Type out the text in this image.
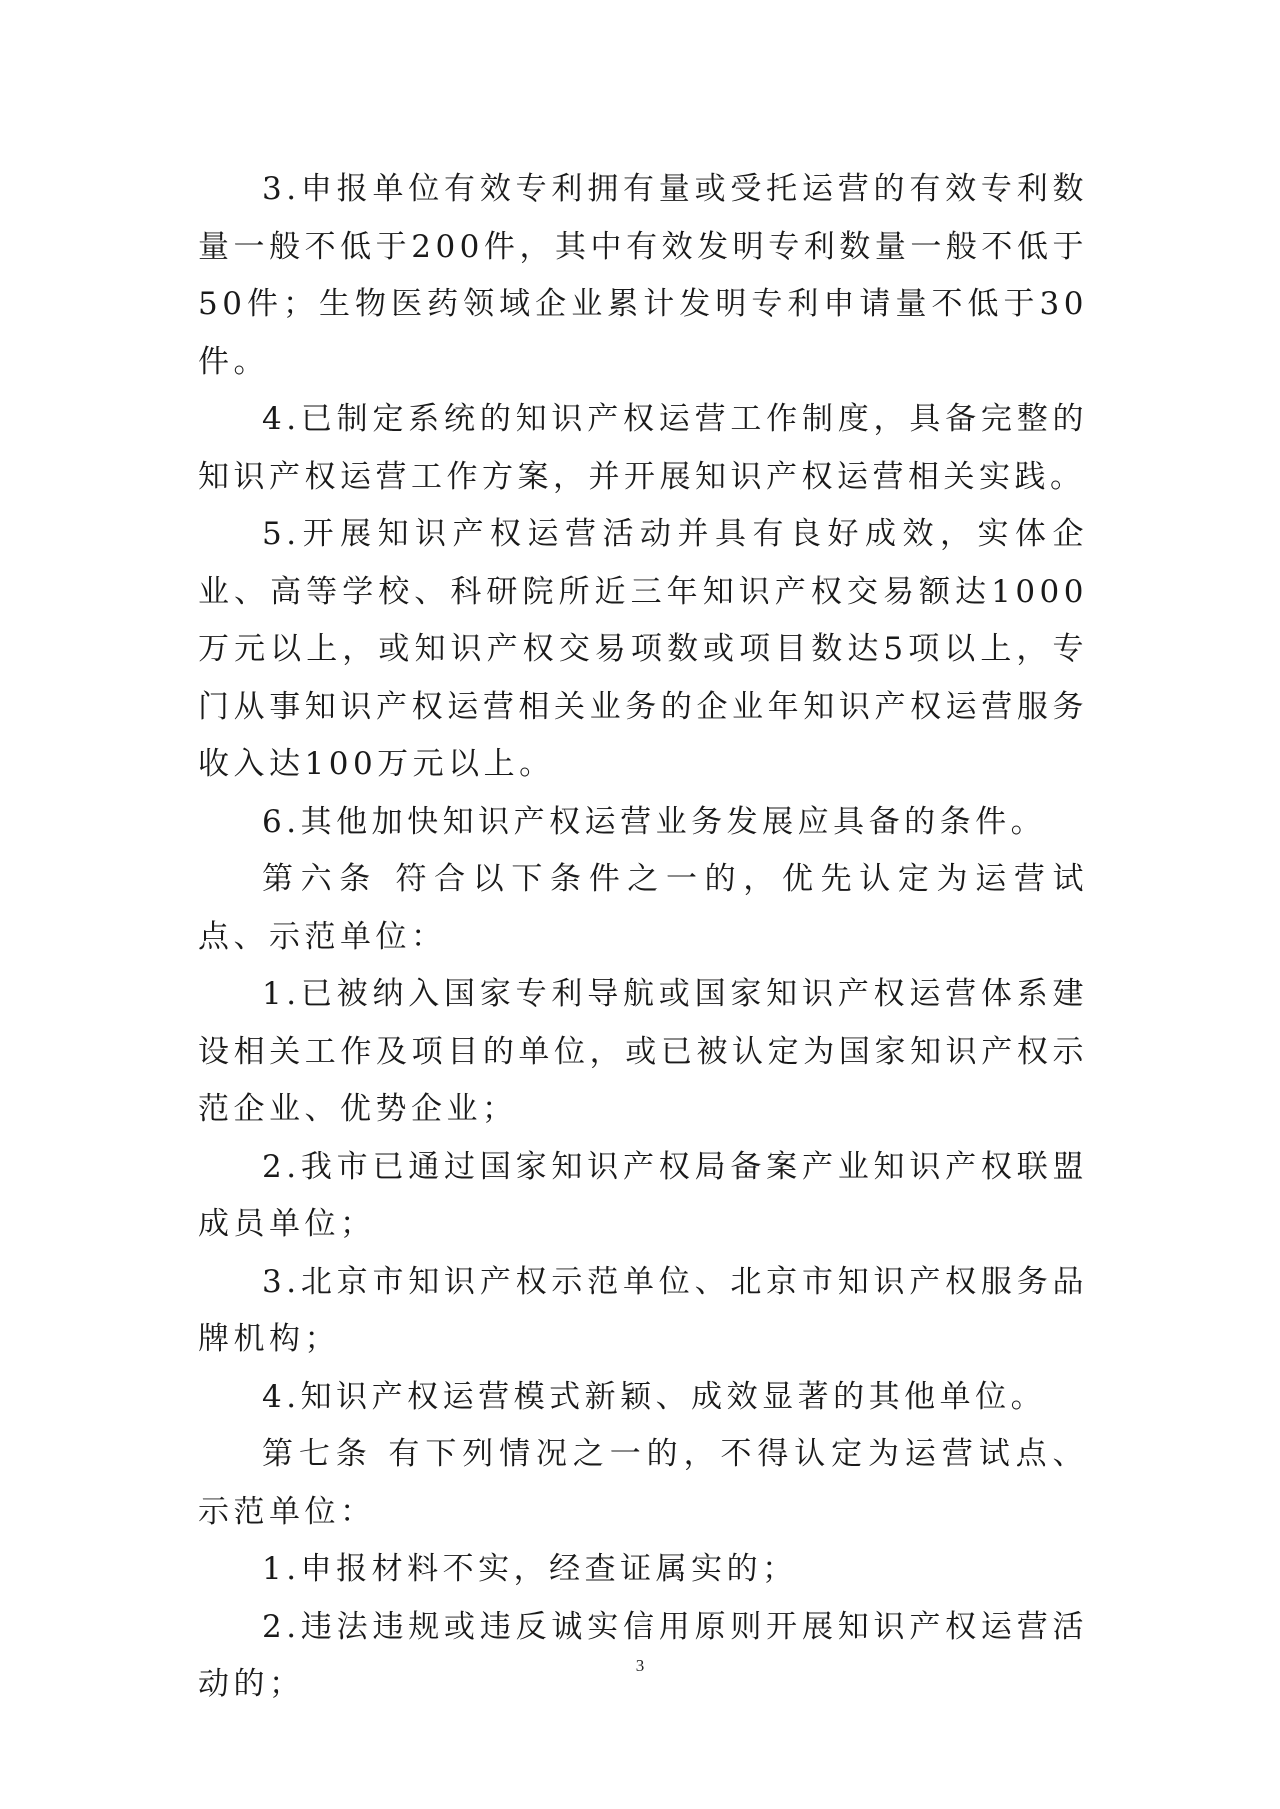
3.申报单位有效专利拥有量或受托运营的有效专利数量一般不低于200件，其中有效发明专利数量一般不低于50件；生物医药领域企业累计发明专利申请量不低于30件。

4.已制定系统的知识产权运营工作制度，具备完整的知识产权运营工作方案，并开展知识产权运营相关实践。

5.开展知识产权运营活动并具有良好成效，实体企业、高等学校、科研院所近三年知识产权交易额达1000万元以上，或知识产权交易项数或项目数达5项以上，专门从事知识产权运营相关业务的企业年知识产权运营服务收入达100万元以上。

6.其他加快知识产权运营业务发展应具备的条件。

第六条 符合以下条件之一的，优先认定为运营试点、示范单位：

1.已被纳入国家专利导航或国家知识产权运营体系建设相关工作及项目的单位，或已被认定为国家知识产权示范企业、优势企业；

2.我市已通过国家知识产权局备案产业知识产权联盟成员单位；

3.北京市知识产权示范单位、北京市知识产权服务品牌机构；

4.知识产权运营模式新颖、成效显著的其他单位。

第七条 有下列情况之一的，不得认定为运营试点、示范单位：

1.申报材料不实，经查证属实的；

2.违法违规或违反诚实信用原则开展知识产权运营活动的；

3
